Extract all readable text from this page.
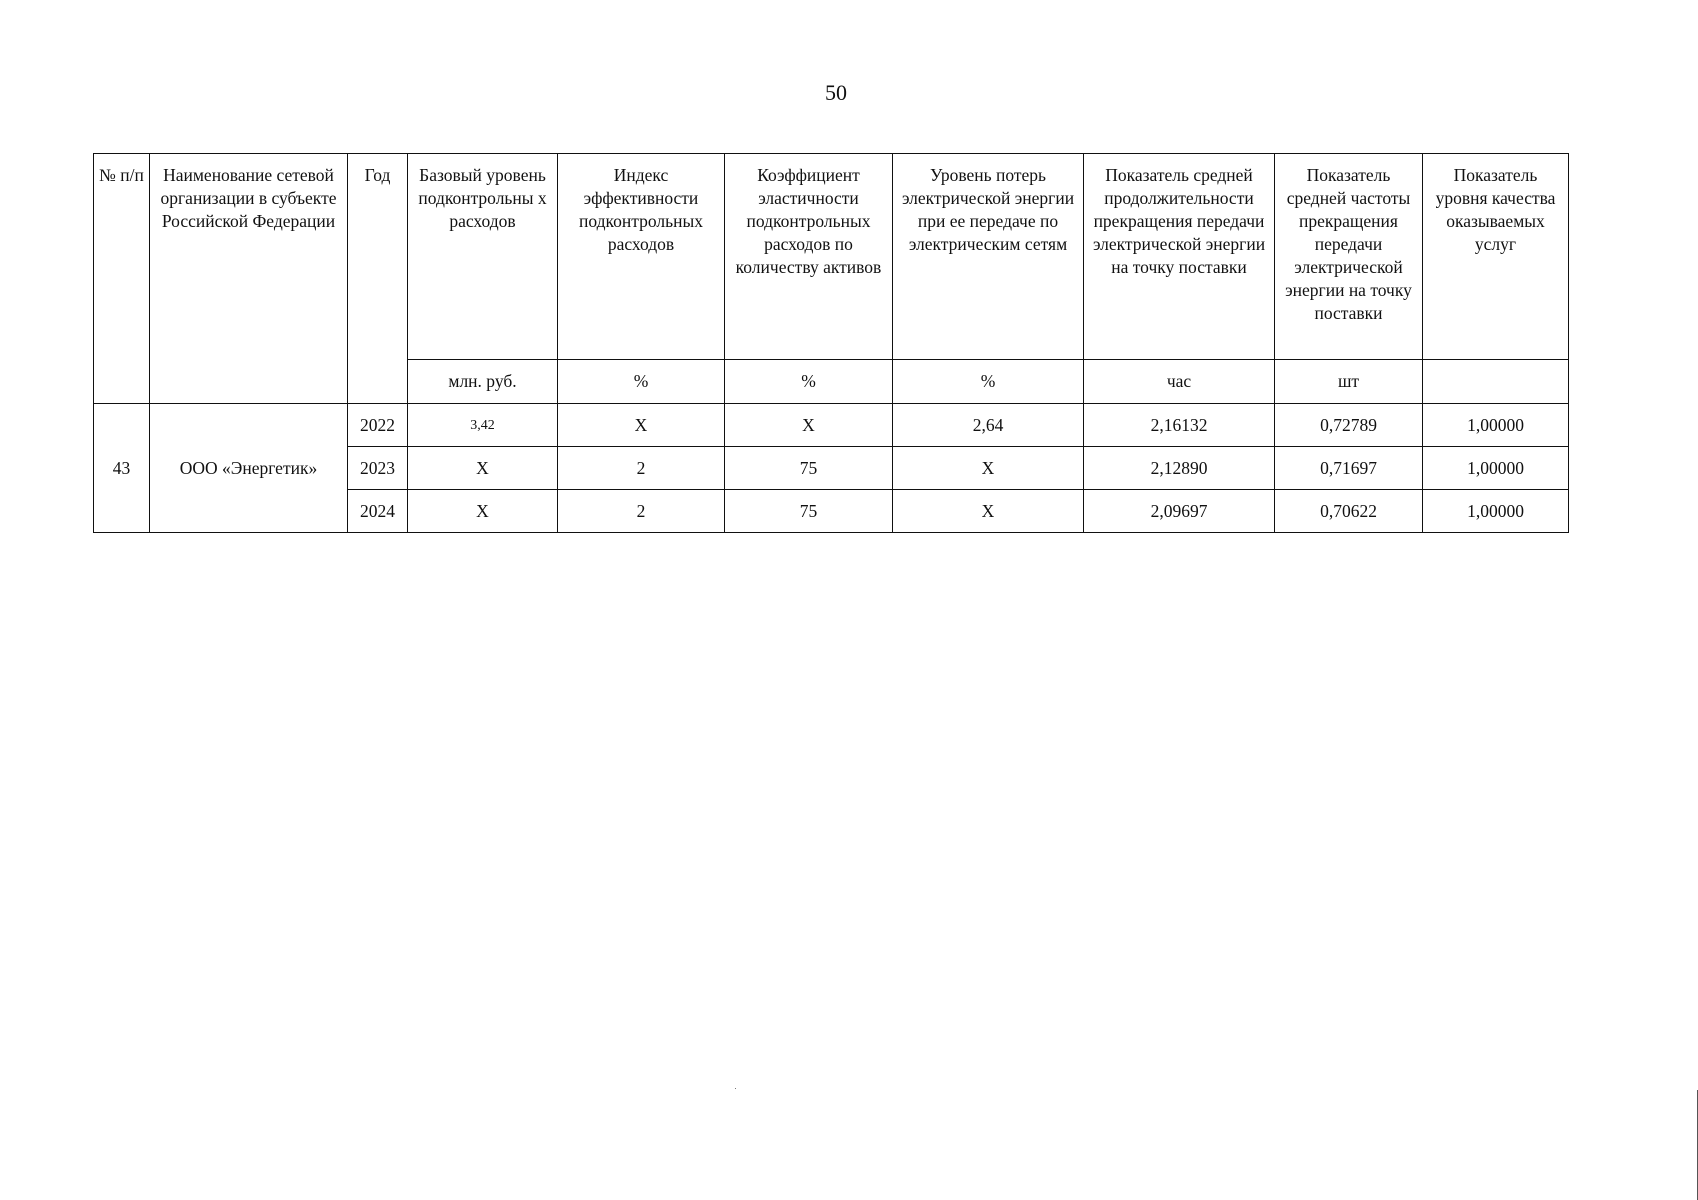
50
№ п/п	Наименование сетевой организации в субъекте Российской Федерации	Год	Базовый уровень подконтрольны х расходов	Индекс эффективности подконтрольных расходов	Коэффициент эластичности подконтрольных расходов по количеству активов	Уровень потерь электрической энергии при ее передаче по электрическим сетям	Показатель средней продолжительности прекращения передачи электрической энергии на точку поставки	Показатель средней частоты прекращения передачи электрической энергии на точку поставки	Показатель уровня качества оказываемых услуг
			млн. руб.	%	%	%	час	шт	
43	ООО «Энергетик»	2022	3,42	Х	Х	2,64	2,16132	0,72789	1,00000
		2023	Х	2	75	Х	2,12890	0,71697	1,00000
		2024	Х	2	75	Х	2,09697	0,70622	1,00000
